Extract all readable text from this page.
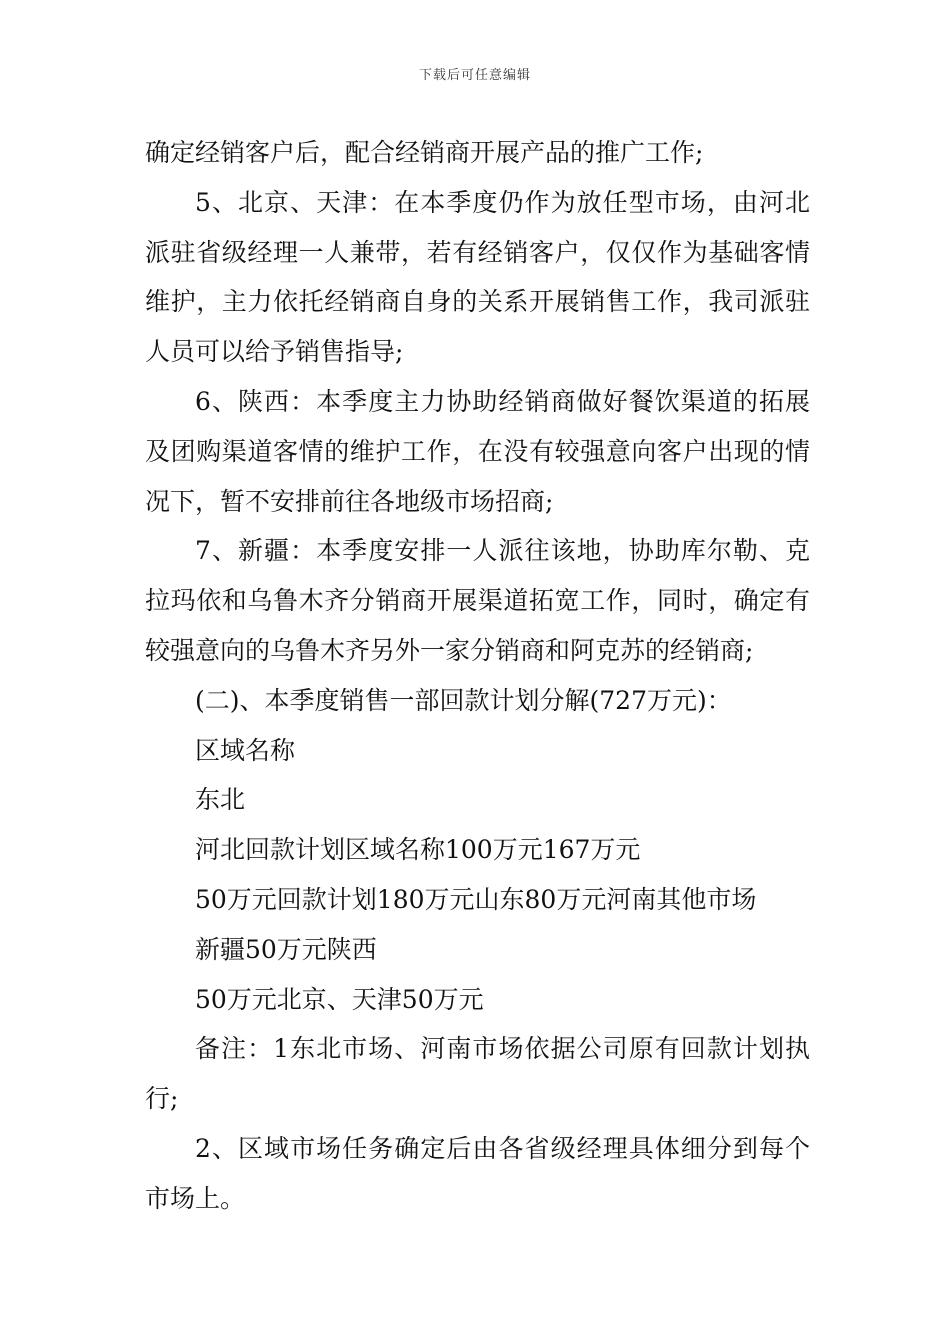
下载后可任意编辑

确定经销客户后，配合经销商开展产品的推广工作;

5、北京、天津：在本季度仍作为放任型市场，由河北派驻省级经理一人兼带，若有经销客户，仅仅作为基础客情维护，主力依托经销商自身的关系开展销售工作，我司派驻人员可以给予销售指导;

6、陕西：本季度主力协助经销商做好餐饮渠道的拓展及团购渠道客情的维护工作，在没有较强意向客户出现的情况下，暂不安排前往各地级市场招商;

7、新疆：本季度安排一人派往该地，协助库尔勒、克拉玛依和乌鲁木齐分销商开展渠道拓宽工作，同时，确定有较强意向的乌鲁木齐另外一家分销商和阿克苏的经销商;

(二)、本季度销售一部回款计划分解(727万元)：

区域名称

东北

河北回款计划区域名称100万元167万元

50万元回款计划180万元山东80万元河南其他市场

新疆50万元陕西

50万元北京、天津50万元

备注：1东北市场、河南市场依据公司原有回款计划执行;

2、区域市场任务确定后由各省级经理具体细分到每个市场上。
